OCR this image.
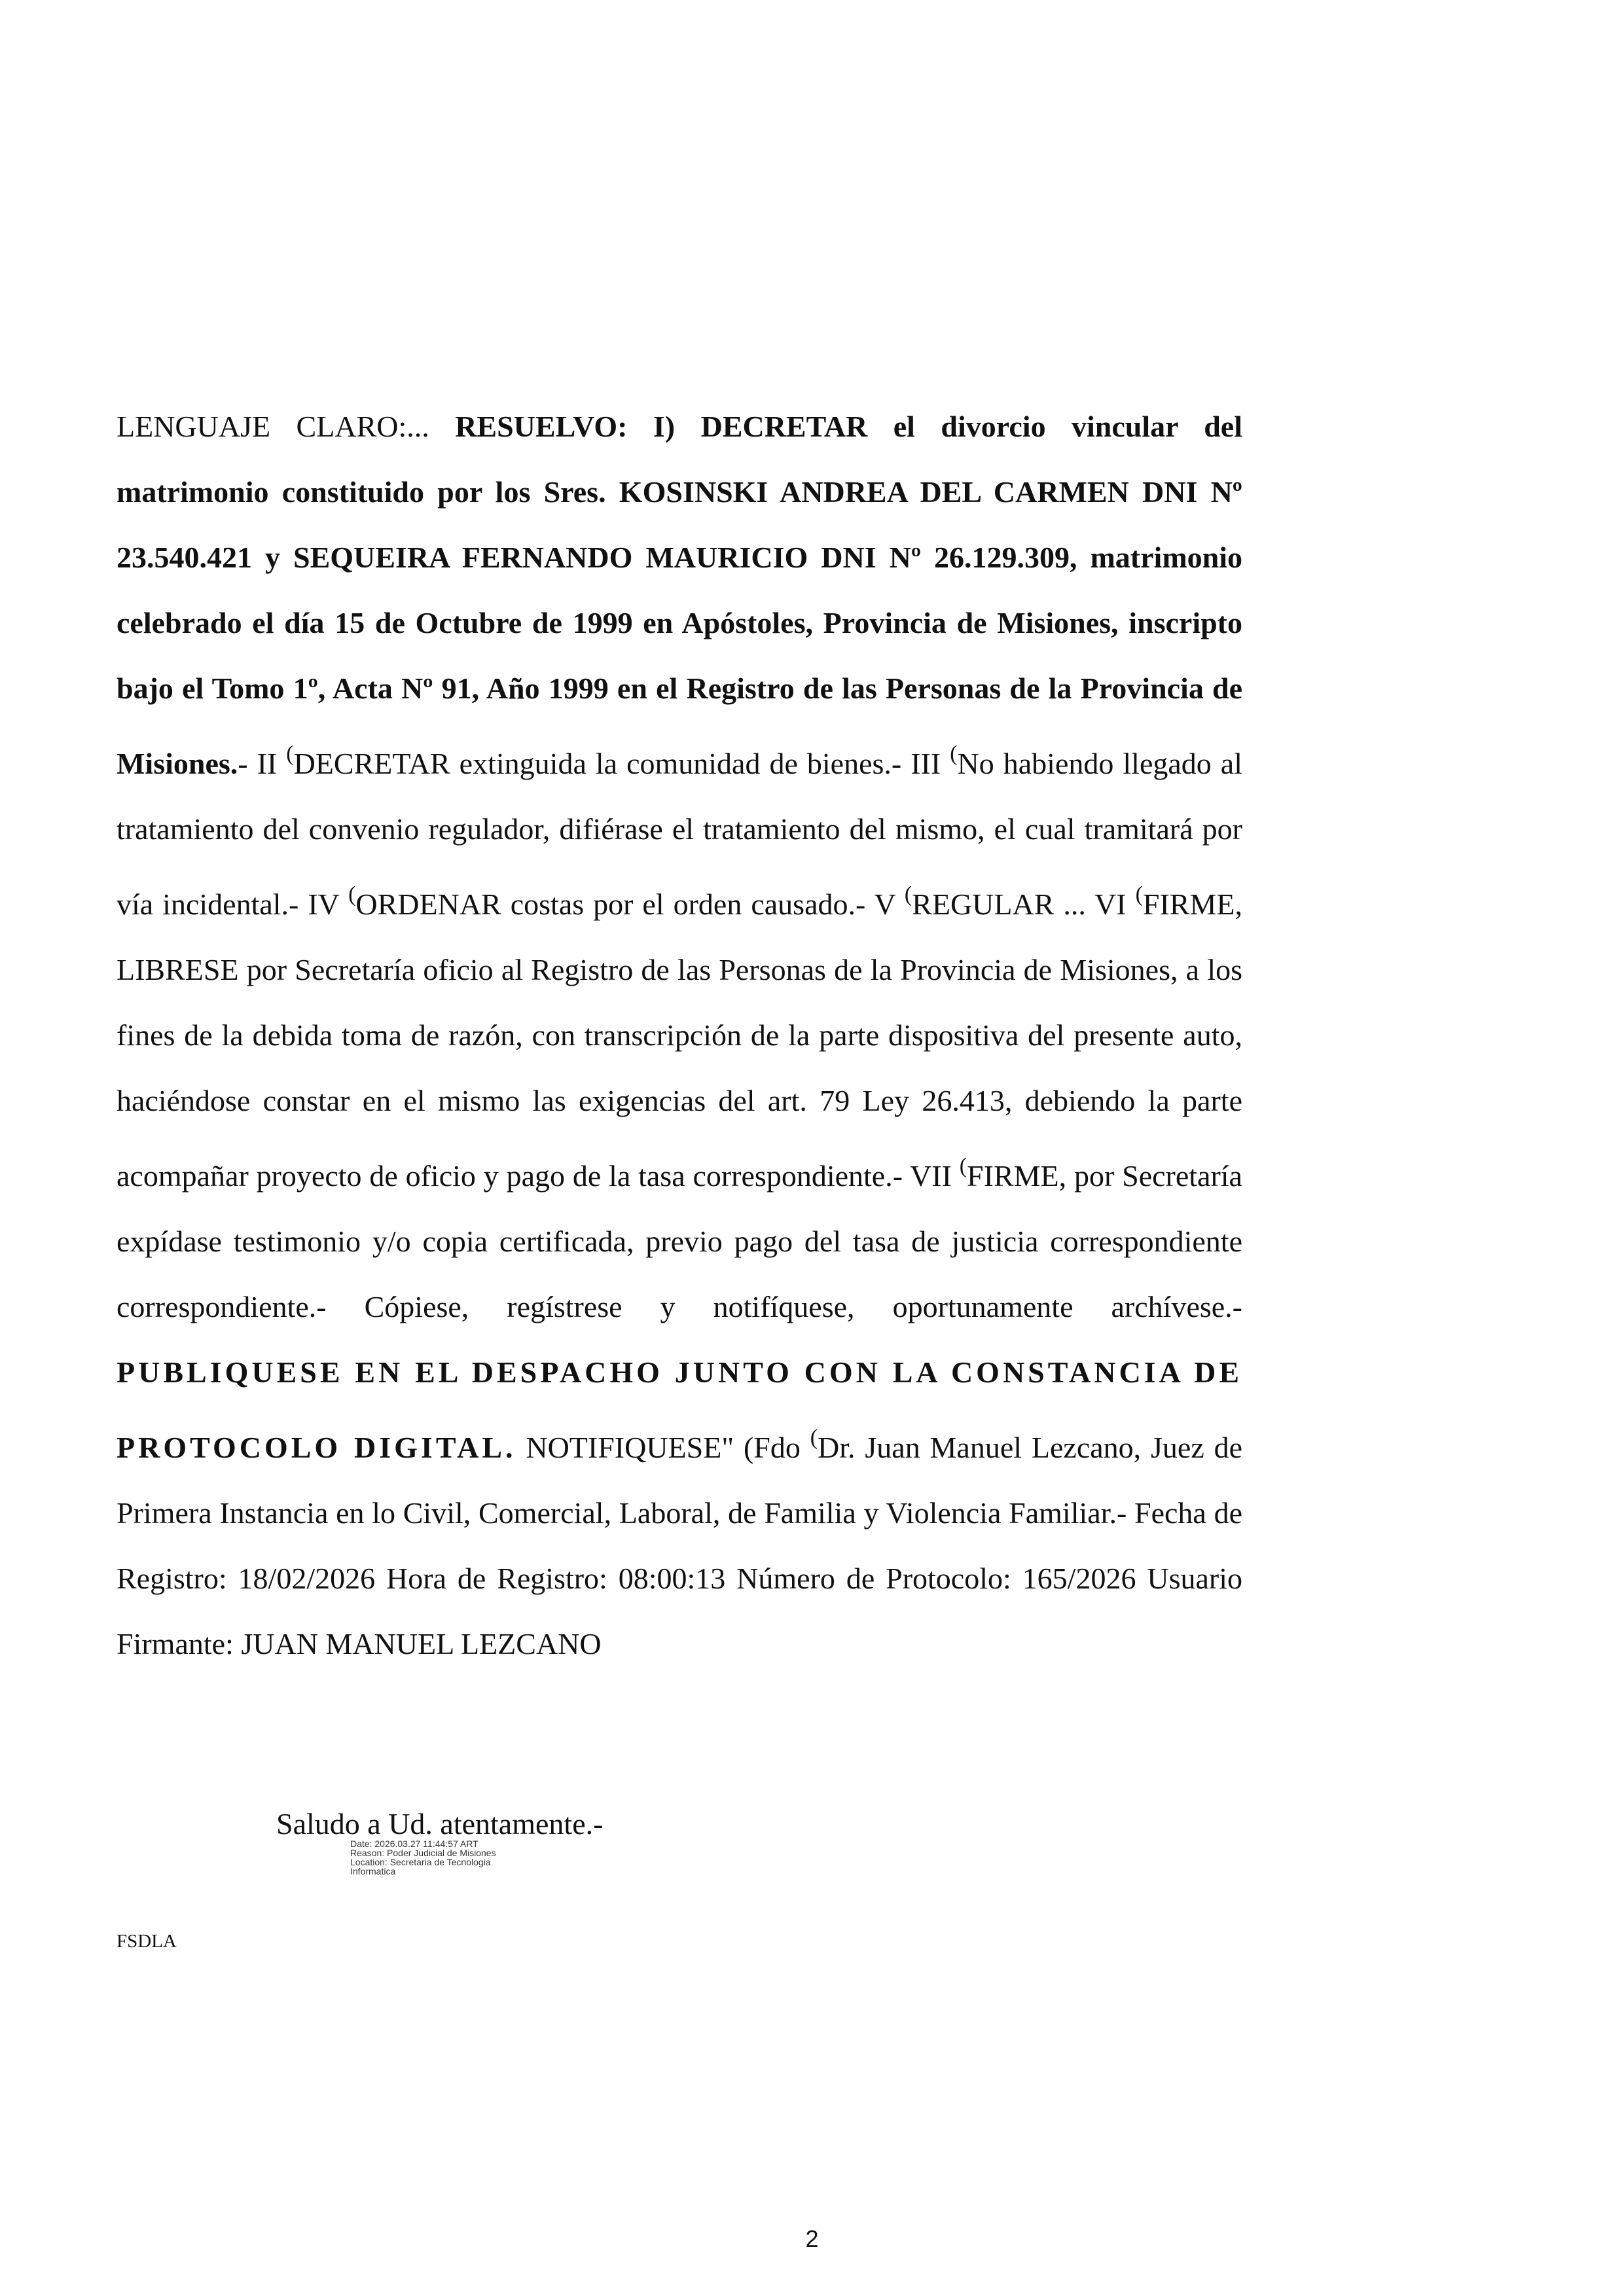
LENGUAJE CLARO:... RESUELVO: I) DECRETAR el divorcio vincular del matrimonio constituido por los Sres. KOSINSKI ANDREA DEL CARMEN DNI Nº 23.540.421 y SEQUEIRA FERNANDO MAURICIO DNI Nº 26.129.309, matrimonio celebrado el día 15 de Octubre de 1999 en Apóstoles, Provincia de Misiones, inscripto bajo el Tomo 1º, Acta Nº 91, Año 1999 en el Registro de las Personas de la Provincia de Misiones.- II (DECRETAR extinguida la comunidad de bienes.- III (No habiendo llegado al tratamiento del convenio regulador, difiérase el tratamiento del mismo, el cual tramitará por vía incidental.- IV (ORDENAR costas por el orden causado.- V (REGULAR ... VI (FIRME, LIBRESE por Secretaría oficio al Registro de las Personas de la Provincia de Misiones, a los fines de la debida toma de razón, con transcripción de la parte dispositiva del presente auto, haciéndose constar en el mismo las exigencias del art. 79 Ley 26.413, debiendo la parte acompañar proyecto de oficio y pago de la tasa correspondiente.- VII (FIRME, por Secretaría expídase testimonio y/o copia certificada, previo pago del tasa de justicia correspondiente correspondiente.- Cópiese, regístrese y notifíquese, oportunamente archívese.- PUBLIQUESE EN EL DESPACHO JUNTO CON LA CONSTANCIA DE PROTOCOLO DIGITAL. NOTIFIQUESE" (Fdo (Dr. Juan Manuel Lezcano, Juez de Primera Instancia en lo Civil, Comercial, Laboral, de Familia y Violencia Familiar.- Fecha de Registro: 18/02/2026 Hora de Registro: 08:00:13 Número de Protocolo: 165/2026 Usuario Firmante: JUAN MANUEL LEZCANO

Saludo a Ud. atentamente.-
Date: 2026.03.27 11:44:57 ART
Reason: Poder Judicial de Misiones
Location: Secretaria de Tecnologia
Informatica
FSDLA
2
